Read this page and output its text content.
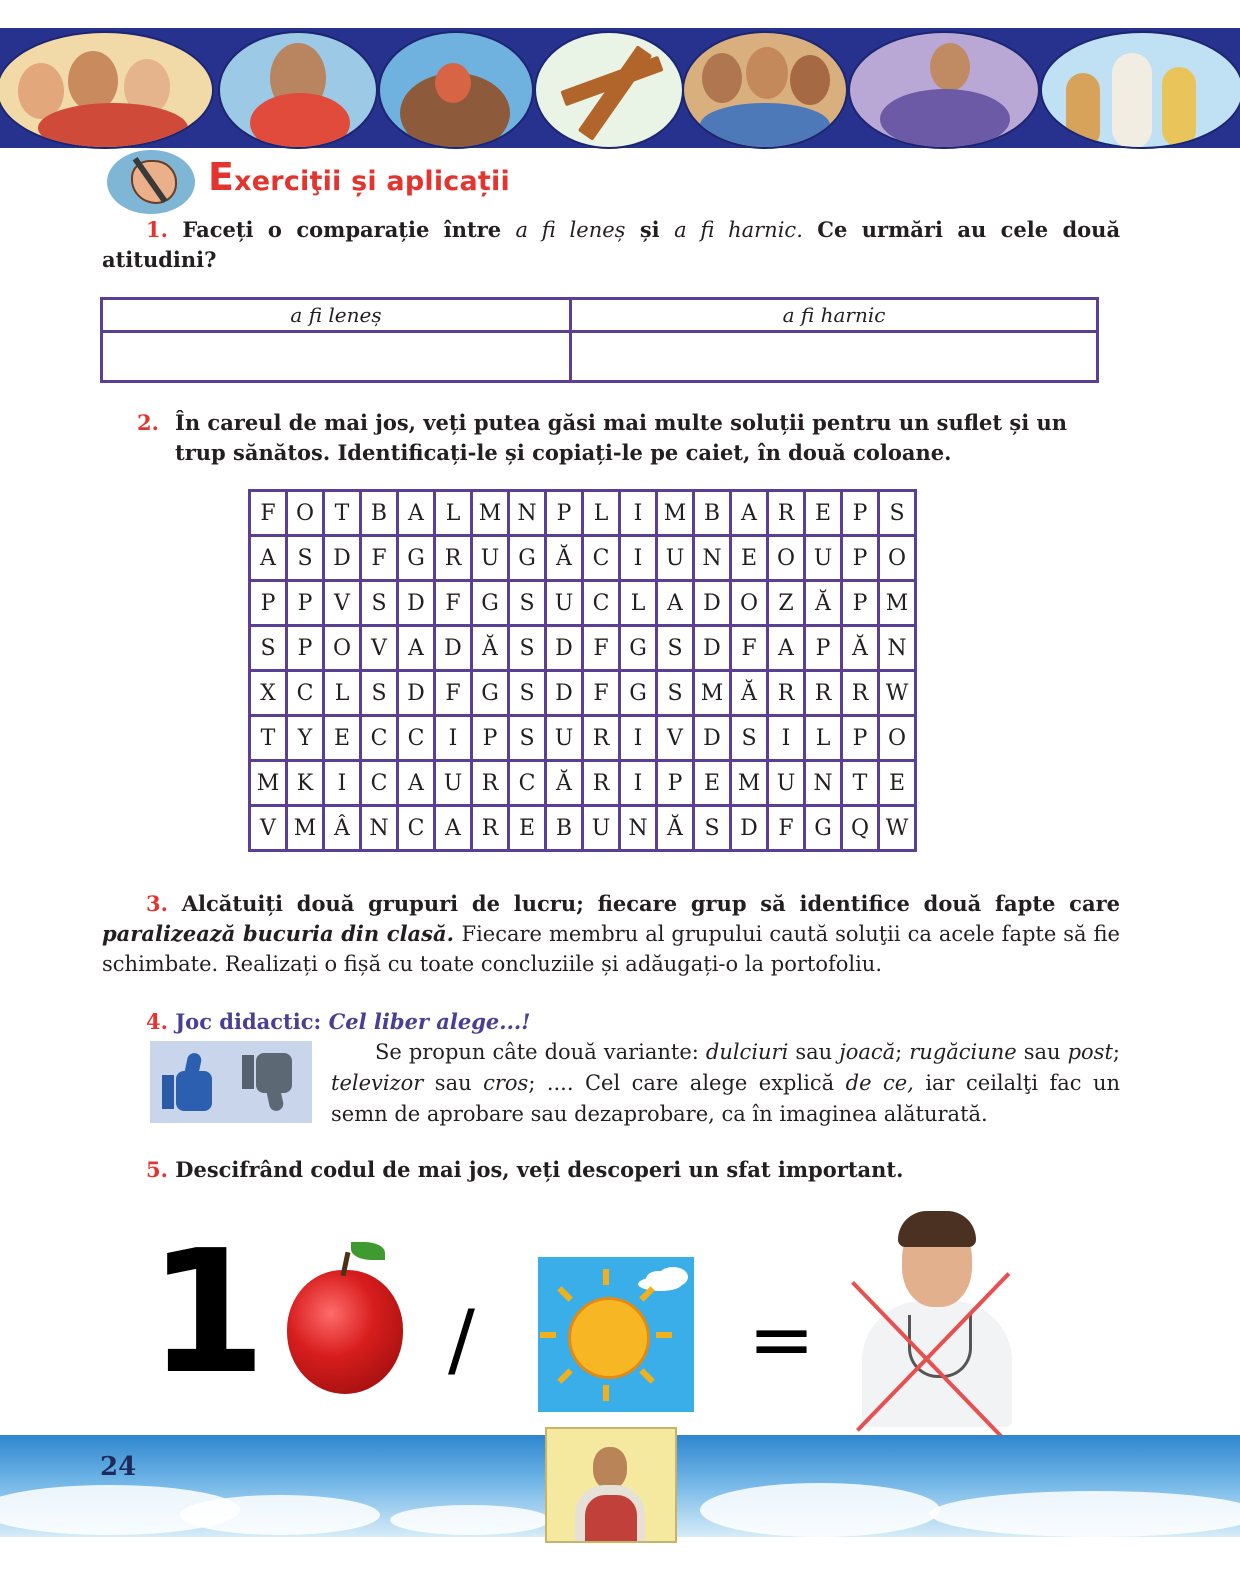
Exerciţii și aplicații
1. Faceți o comparație între a fi leneș și a fi harnic. Ce urmări au cele două atitudini?
a fi leneș	a fi harnic

2. În careul de mai jos, veți putea găsi mai multe soluții pentru un suflet și un trup sănătos. Identificați-le și copiați-le pe caiet, în două coloane.
F	O	T	B	A	L	M	N	P	L	I	M	B	A	R	E	P	S
A	S	D	F	G	R	U	G	Ă	C	I	U	N	E	O	U	P	O
P	P	V	S	D	F	G	S	U	C	L	A	D	O	Z	Ă	P	M
S	P	O	V	A	D	Ă	S	D	F	G	S	D	F	A	P	Ă	N
X	C	L	S	D	F	G	S	D	F	G	S	M	Ă	R	R	R	W
T	Y	E	C	C	I	P	S	U	R	I	V	D	S	I	L	P	O
M	K	I	C	A	U	R	C	Ă	R	I	P	E	M	U	N	T	E
V	M	Â	N	C	A	R	E	B	U	N	Ă	S	D	F	G	Q	W
3. Alcătuiți două grupuri de lucru; fiecare grup să identifice două fapte care paralizează bucuria din clasă. Fiecare membru al grupului caută soluţii ca acele fapte să fie schimbate. Realizați o fișă cu toate concluziile și adăugați-o la portofoliu.
4. Joc didactic: Cel liber alege...!
Se propun câte două variante: dulciuri sau joacă; rugăciune sau post; televizor sau cros; .... Cel care alege explică de ce, iar ceilalţi fac un semn de aprobare sau dezaprobare, ca în imaginea alăturată.
5. Descifrând codul de mai jos, veți descoperi un sfat important.
1 /	=
24
